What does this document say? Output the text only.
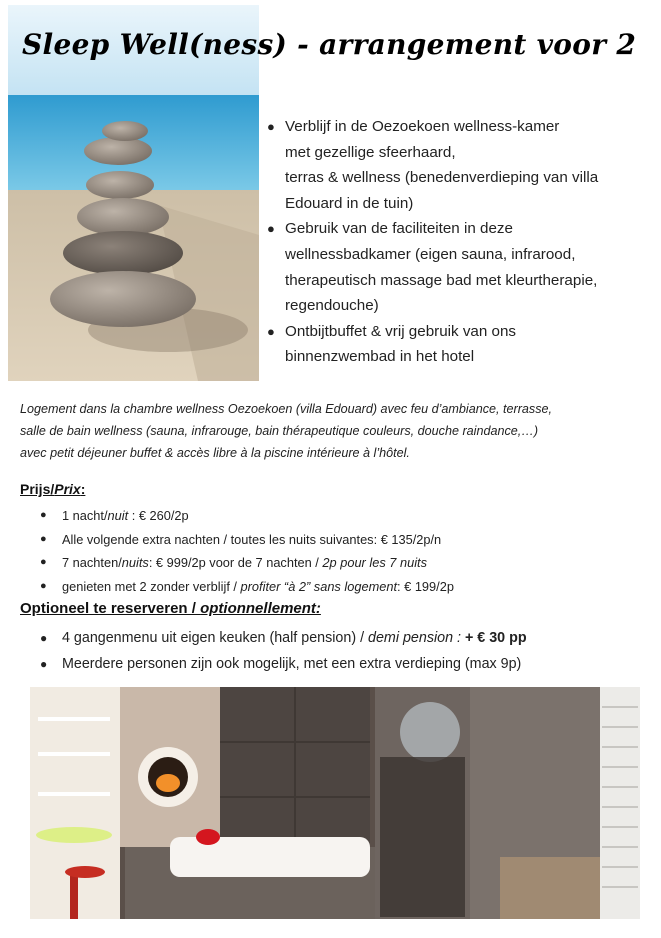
Sleep Well(ness) - arrangement voor 2
● Verblijf in de Oezoekoen wellness-kamer
met gezellige sfeerhaard,
terras & wellness (benedenverdieping van villa
Edouard in de tuin)
● Gebruik van de faciliteiten in deze
wellnessbadkamer (eigen sauna, infrarood,
therapeutisch massage bad met kleurtherapie,
regendouche)
● Ontbijtbuffet & vrij gebruik van ons
binnenzwembad in het hotel

Logement dans la chambre wellness Oezoekoen (villa Edouard) avec feu d’ambiance, terrasse,
salle de bain wellness (sauna, infrarouge, bain thérapeutique couleurs, douche raindance,…)
avec petit déjeuner buffet & accès libre à la piscine intérieure à l’hôtel.

Prijs/Prix:
● 1 nacht/nuit : € 260/2p
● Alle volgende extra nachten / toutes les nuits suivantes: € 135/2p/n
● 7 nachten/nuits: € 999/2p voor de 7 nachten / 2p pour les 7 nuits
● genieten met 2 zonder verblijf / profiter “à 2” sans logement: € 199/2p
Optioneel te reserveren / optionnellement:
● 4 gangenmenu uit eigen keuken (half pension) / demi pension : + € 30 pp
● Meerdere personen zijn ook mogelijk, met een extra verdieping (max 9p)
